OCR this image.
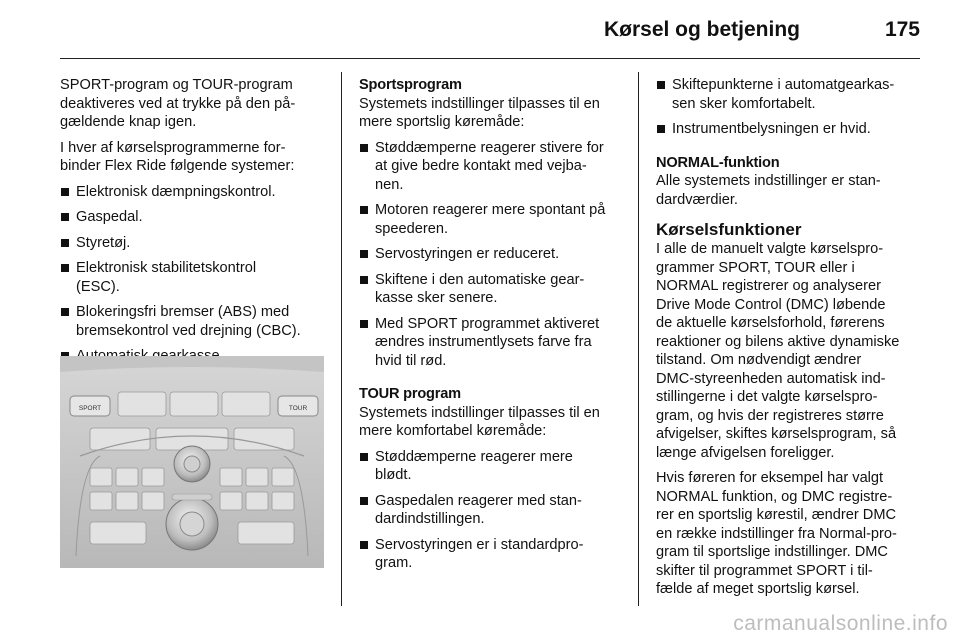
Kørsel og betjening	175

SPORT-program og TOUR-program
deaktiveres ved at trykke på den på-
gældende knap igen.

I hver af kørselsprogrammerne for-
binder Flex Ride følgende systemer:

Elektronisk dæmpningskontrol.
Gaspedal.
Styretøj.
Elektronisk stabilitetskontrol
(ESC).
Blokeringsfri bremser (ABS) med
bremsekontrol ved drejning (CBC).
SPORT	TOUR
Sportsprogram

Systemets indstillinger tilpasses til en
mere sportslig køremåde:

Støddæmperne reagerer stivere for
at give bedre kontakt med vejba-
nen.
Motoren reagerer mere spontant på
speederen.
Servostyringen er reduceret.
Skiftene i den automatiske gear-
kasse sker senere.
Med SPORT programmet aktiveret
ændres instrumentlysets farve fra
hvid til rød.
TOUR program

Systemets indstillinger tilpasses til en
mere komfortabel køremåde:

Støddæmperne reagerer mere
blødt.
Gaspedalen reagerer med stan-
dardindstillingen.
Servostyringen er i standardpro-
gram.
Skiftepunkterne i automatgearkas-
sen sker komfortabelt.
Instrumentbelysningen er hvid.
NORMAL-funktion

Alle systemets indstillinger er stan-
dardværdier.

Kørselsfunktioner

I alle de manuelt valgte kørselspro-
grammer SPORT, TOUR eller i
NORMAL registrerer og analyserer
Drive Mode Control (DMC) løbende
de aktuelle kørselsforhold, førerens
reaktioner og bilens aktive dynamiske
tilstand. Om nødvendigt ændrer
DMC-styreenheden automatisk ind-
stillingerne i det valgte kørselspro-
gram, og hvis der registreres større
afvigelser, skiftes kørselsprogram, så
længe afvigelsen foreligger.

Hvis føreren for eksempel har valgt
NORMAL funktion, og DMC registre-
rer en sportslig kørestil, ændrer DMC
en række indstillinger fra Normal-pro-
gram til sportslige indstillinger. DMC
skifter til programmet SPORT i til-
fælde af meget sportslig kørsel.

carmanualsonline.info
